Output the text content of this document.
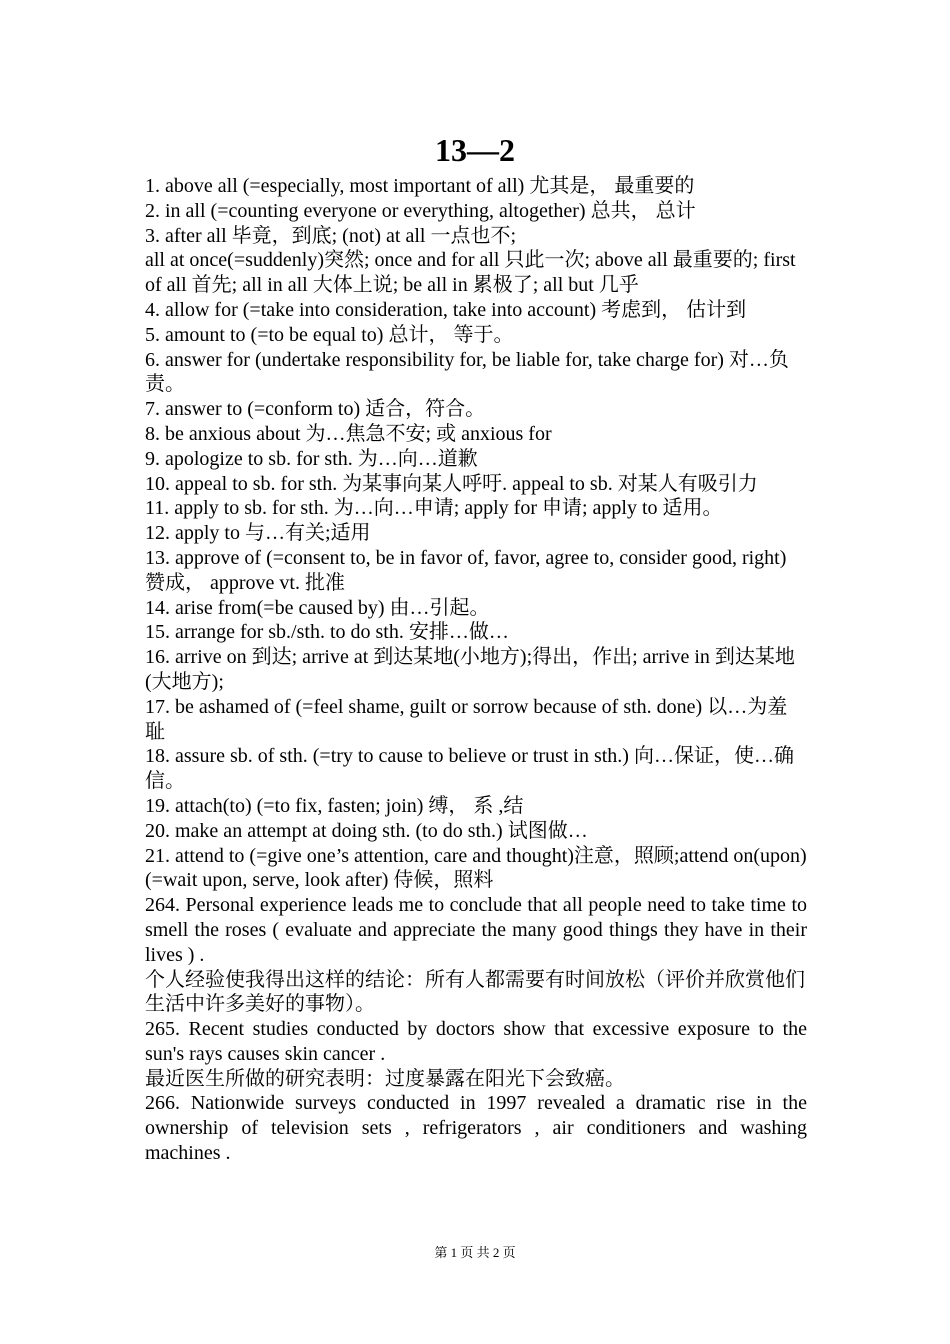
13—2

1. above all (=especially, most important of all) 尤其是， 最重要的

2. in all (=counting everyone or everything, altogether) 总共， 总计

3. after all 毕竟，到底; (not) at all 一点也不;

all at once(=suddenly)突然; once and for all 只此一次; above all 最重要的; first of all 首先; all in all 大体上说; be all in 累极了; all but 几乎

4. allow for (=take into consideration, take into account) 考虑到， 估计到

5. amount to (=to be equal to) 总计， 等于。

6. answer for (undertake responsibility for, be liable for, take charge for) 对…负责。

7. answer to (=conform to) 适合，符合。

8. be anxious about 为…焦急不安; 或 anxious for

9. apologize to sb. for sth. 为…向…道歉

10. appeal to sb. for sth. 为某事向某人呼吁. appeal to sb. 对某人有吸引力

11. apply to sb. for sth. 为…向…申请; apply for 申请; apply to 适用。

12. apply to 与…有关;适用

13. approve of (=consent to, be in favor of, favor, agree to, consider good, right) 赞成， approve vt. 批准

14. arise from(=be caused by) 由…引起。

15. arrange for sb./sth. to do sth. 安排…做…

16. arrive on 到达; arrive at 到达某地(小地方);得出，作出; arrive in 到达某地(大地方);

17. be ashamed of (=feel shame, guilt or sorrow because of sth. done) 以…为羞耻

18. assure sb. of sth. (=try to cause to believe or trust in sth.) 向…保证，使…确信。

19. attach(to) (=to fix, fasten; join) 缚， 系 ,结

20. make an attempt at doing sth. (to do sth.) 试图做…

21. attend to (=give one’s attention, care and thought)注意，照顾;attend on(upon)(=wait upon, serve, look after) 侍候，照料

264. Personal experience leads me to conclude that all people need to take time to smell the roses ( evaluate and appreciate the many good things they have in their lives ) .

个人经验使我得出这样的结论：所有人都需要有时间放松（评价并欣赏他们生活中许多美好的事物）。

265. Recent studies conducted by doctors show that excessive exposure to the sun's rays causes skin cancer .

最近医生所做的研究表明：过度暴露在阳光下会致癌。

266. Nationwide surveys conducted in 1997 revealed a dramatic rise in the ownership of television sets , refrigerators , air conditioners and washing machines .

第 1 页 共 2 页
